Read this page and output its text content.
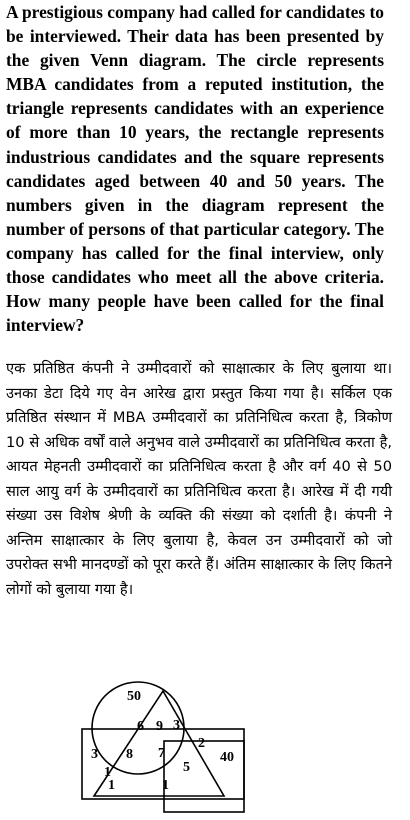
A prestigious company had called for candidates to be interviewed. Their data has been presented by the given Venn diagram. The circle represents MBA candidates from a reputed institution, the triangle represents candidates with an experience of more than 10 years, the rectangle represents industrious candidates and the square represents candidates aged between 40 and 50 years. The numbers given in the diagram represent the number of persons of that particular category. The company has called for the final interview, only those candidates who meet all the above criteria. How many people have been called for the final interview?

एक प्रतिष्ठित कंपनी ने उम्मीदवारों को साक्षात्कार के लिए बुलाया था। उनका डेटा दिये गए वेन आरेख द्वारा प्रस्तुत किया गया है। सर्किल एक प्रतिष्ठित संस्थान में MBA उम्मीदवारों का प्रतिनिधित्व करता है, त्रिकोण 10 से अधिक वर्षों वाले अनुभव वाले उम्मीदवारों का प्रतिनिधित्व करता है, आयत मेहनती उम्मीदवारों का प्रतिनिधित्व करता है और वर्ग 40 से 50 साल आयु वर्ग के उम्मीदवारों का प्रतिनिधित्व करता है। आरेख में दी गयी संख्या उस विशेष श्रेणी के व्यक्ति की संख्या को दर्शाती है। कंपनी ने अन्तिम साक्षात्कार के लिए बुलाया है, केवल उन उम्मीदवारों को जो उपरोक्त सभी मानदण्डों को पूरा करते हैं। अंतिम साक्षात्कार के लिए कितने लोगों को बुलाया गया है।

50
40
3
6 9 3
2
8 7
5
1
1	1
